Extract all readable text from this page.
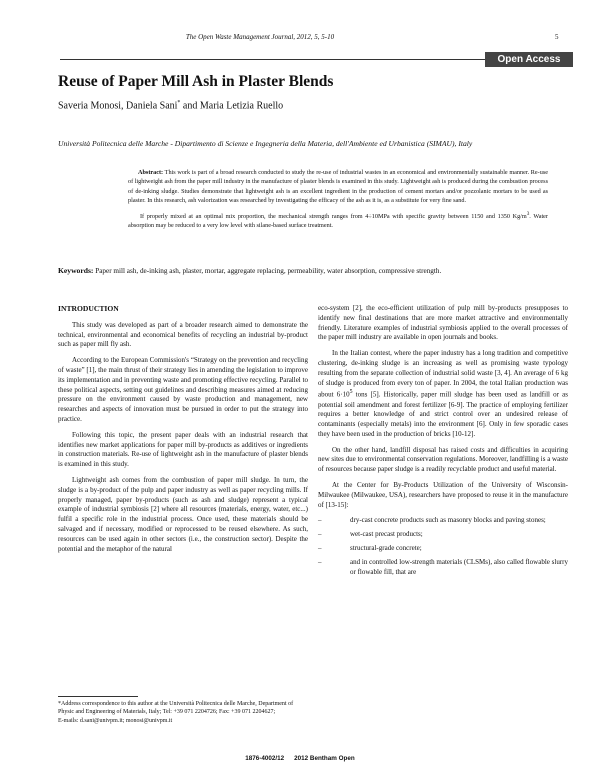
The Open Waste Management Journal, 2012, 5, 5-10	5
Open Access
Reuse of Paper Mill Ash in Plaster Blends
Saveria Monosi, Daniela Sani* and Maria Letizia Ruello
Università Politecnica delle Marche - Dipartimento di Scienze e Ingegneria della Materia, dell'Ambiente ed Urbanistica (SIMAU), Italy

Abstract: This work is part of a broad research conducted to study the re-use of industrial wastes in an economical and environmentally sustainable manner. Re-use of lightweight ash from the paper mill industry in the manufacture of plaster blends is examined in this study. Lightweight ash is produced during the combustion process of de-inking sludge. Studies demonstrate that lightweight ash is an excellent ingredient in the production of cement mortars and/or pozzolanic mortars to be used as plaster. In this research, ash valorization was researched by investigating the efficacy of the ash as it is, as a substitute for very fine sand.

If properly mixed at an optimal mix proportion, the mechanical strength ranges from 4÷10MPa with specific gravity between 1150 and 1350 $Kg/m^3$. Water absorption may be reduced to a very low level with silane-based surface treatment.

Keywords: Paper mill ash, de-inking ash, plaster, mortar, aggregate replacing, permeability, water absorption, compressive strength.

INTRODUCTION

This study was developed as part of a broader research aimed to demonstrate the technical, environmental and economical benefits of recycling an industrial by-product such as paper mill fly ash.

According to the European Commission's “Strategy on the prevention and recycling of waste” [1], the main thrust of their strategy lies in amending the legislation to improve its implementation and in preventing waste and promoting effective recycling. Parallel to these political aspects, setting out guidelines and describing measures aimed at reducing pressure on the environment caused by waste production and management, new researches and aspects of innovation must be pursued in order to put the strategy into practice.

Following this topic, the present paper deals with an industrial research that identifies new market applications for paper mill by-products as additives or ingredients in construction materials. Re-use of lightweight ash in the manufacture of plaster blends is examined in this study.

Lightweight ash comes from the combustion of paper mill sludge. In turn, the sludge is a by-product of the pulp and paper industry as well as paper recycling mills. If properly managed, paper by-products (such as ash and sludge) represent a typical example of industrial symbiosis [2] where all resources (materials, energy, water, etc...) fulfil a specific role in the industrial process. Once used, these materials should be salvaged and if necessary, modified or reprocessed to be reused elsewhere. As such, resources can be used again in other sectors (i.e., the construction sector). Despite the potential and the metaphor of the natural

eco-system [2], the eco-efficient utilization of pulp mill by-products presupposes to identify new final destinations that are more market attractive and environmentally friendly. Literature examples of industrial symbiosis applied to the overall processes of the paper mill industry are available in open journals and books.

In the Italian contest, where the paper industry has a long tradition and competitive clustering, de-inking sludge is an increasing as well as promising waste typology resulting from the separate collection of industrial solid waste [3, 4]. An average of 6 kg of sludge is produced from every ton of paper. In 2004, the total Italian production was about $6\cdot 10^5$ tons [5]. Historically, paper mill sludge has been used as landfill or as potential soil amendment and forest fertilizer [6-9]. The practice of employing fertilizer requires a better knowledge of and strict control over an undesired release of contaminants (especially metals) into the environment [6]. Only in few sporadic cases they have been used in the production of bricks [10-12].

On the other hand, landfill disposal has raised costs and difficulties in acquiring new sites due to environmental conservation regulations. Moreover, landfilling is a waste of resources because paper sludge is a readily recyclable product and useful material.

At the Center for By-Products Utilization of the University of Wisconsin-Milwaukee (Milwaukee, USA), researchers have proposed to reuse it in the manufacture of [13-15]:

–	dry-cast concrete products such as masonry blocks and paving stones;
–	wet-cast precast products;
–	structural-grade concrete;
–	and in controlled low-strength materials (CLSMs), also called flowable slurry or flowable fill, that are
*Address correspondence to this author at the Università Politecnica delle Marche, Department of Physic and Engineering of Materials, Italy; Tel: +39 071 2204726; Fax: +39 071 2204627;
E-mails: d.sani@univpm.it; monosi@univpm.it
1876-4002/12 2012 Bentham Open
